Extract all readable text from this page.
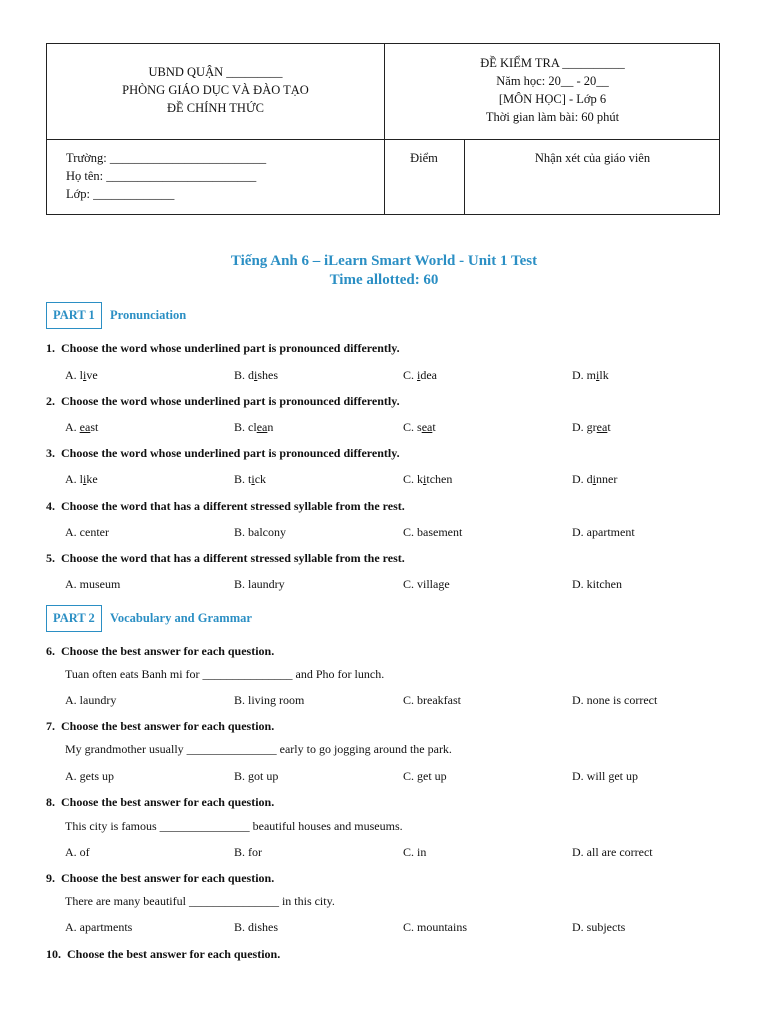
UBND QUẬN _________
PHÒNG GIÁO DỤC VÀ ĐÀO TẠO
ĐỀ CHÍNH THỨC
ĐỀ KIỂM TRA __________
Năm học: 20__ - 20__
[MÔN HỌC] - Lớp 6
Thời gian làm bài: 60 phút
Trường: _________________________
Họ tên: ________________________
Lớp: _____________
Điểm	Nhận xét của giáo viên
Tiếng Anh 6 – iLearn Smart World - Unit 1 Test
Time allotted: 60
PART 1 Pronunciation
1. Choose the word whose underlined part is pronounced differently.
A. live	B. dishes	C. idea	D. milk
2. Choose the word whose underlined part is pronounced differently.
A. east	B. clean	C. seat	D. great
3. Choose the word whose underlined part is pronounced differently.
A. like	B. tick	C. kitchen	D. dinner
4. Choose the word that has a different stressed syllable from the rest.
A. center	B. balcony	C. basement	D. apartment
5. Choose the word that has a different stressed syllable from the rest.
A. museum	B. laundry	C. village	D. kitchen
PART 2 Vocabulary and Grammar
6. Choose the best answer for each question.
Tuan often eats Banh mi for _______________ and Pho for lunch.
A. laundry	B. living room	C. breakfast	D. none is correct
7. Choose the best answer for each question.
My grandmother usually _______________ early to go jogging around the park.
A. gets up	B. got up	C. get up	D. will get up
8. Choose the best answer for each question.
This city is famous _______________ beautiful houses and museums.
A. of	B. for	C. in	D. all are correct
9. Choose the best answer for each question.
There are many beautiful _______________ in this city.
A. apartments	B. dishes	C. mountains	D. subjects
10. Choose the best answer for each question.
